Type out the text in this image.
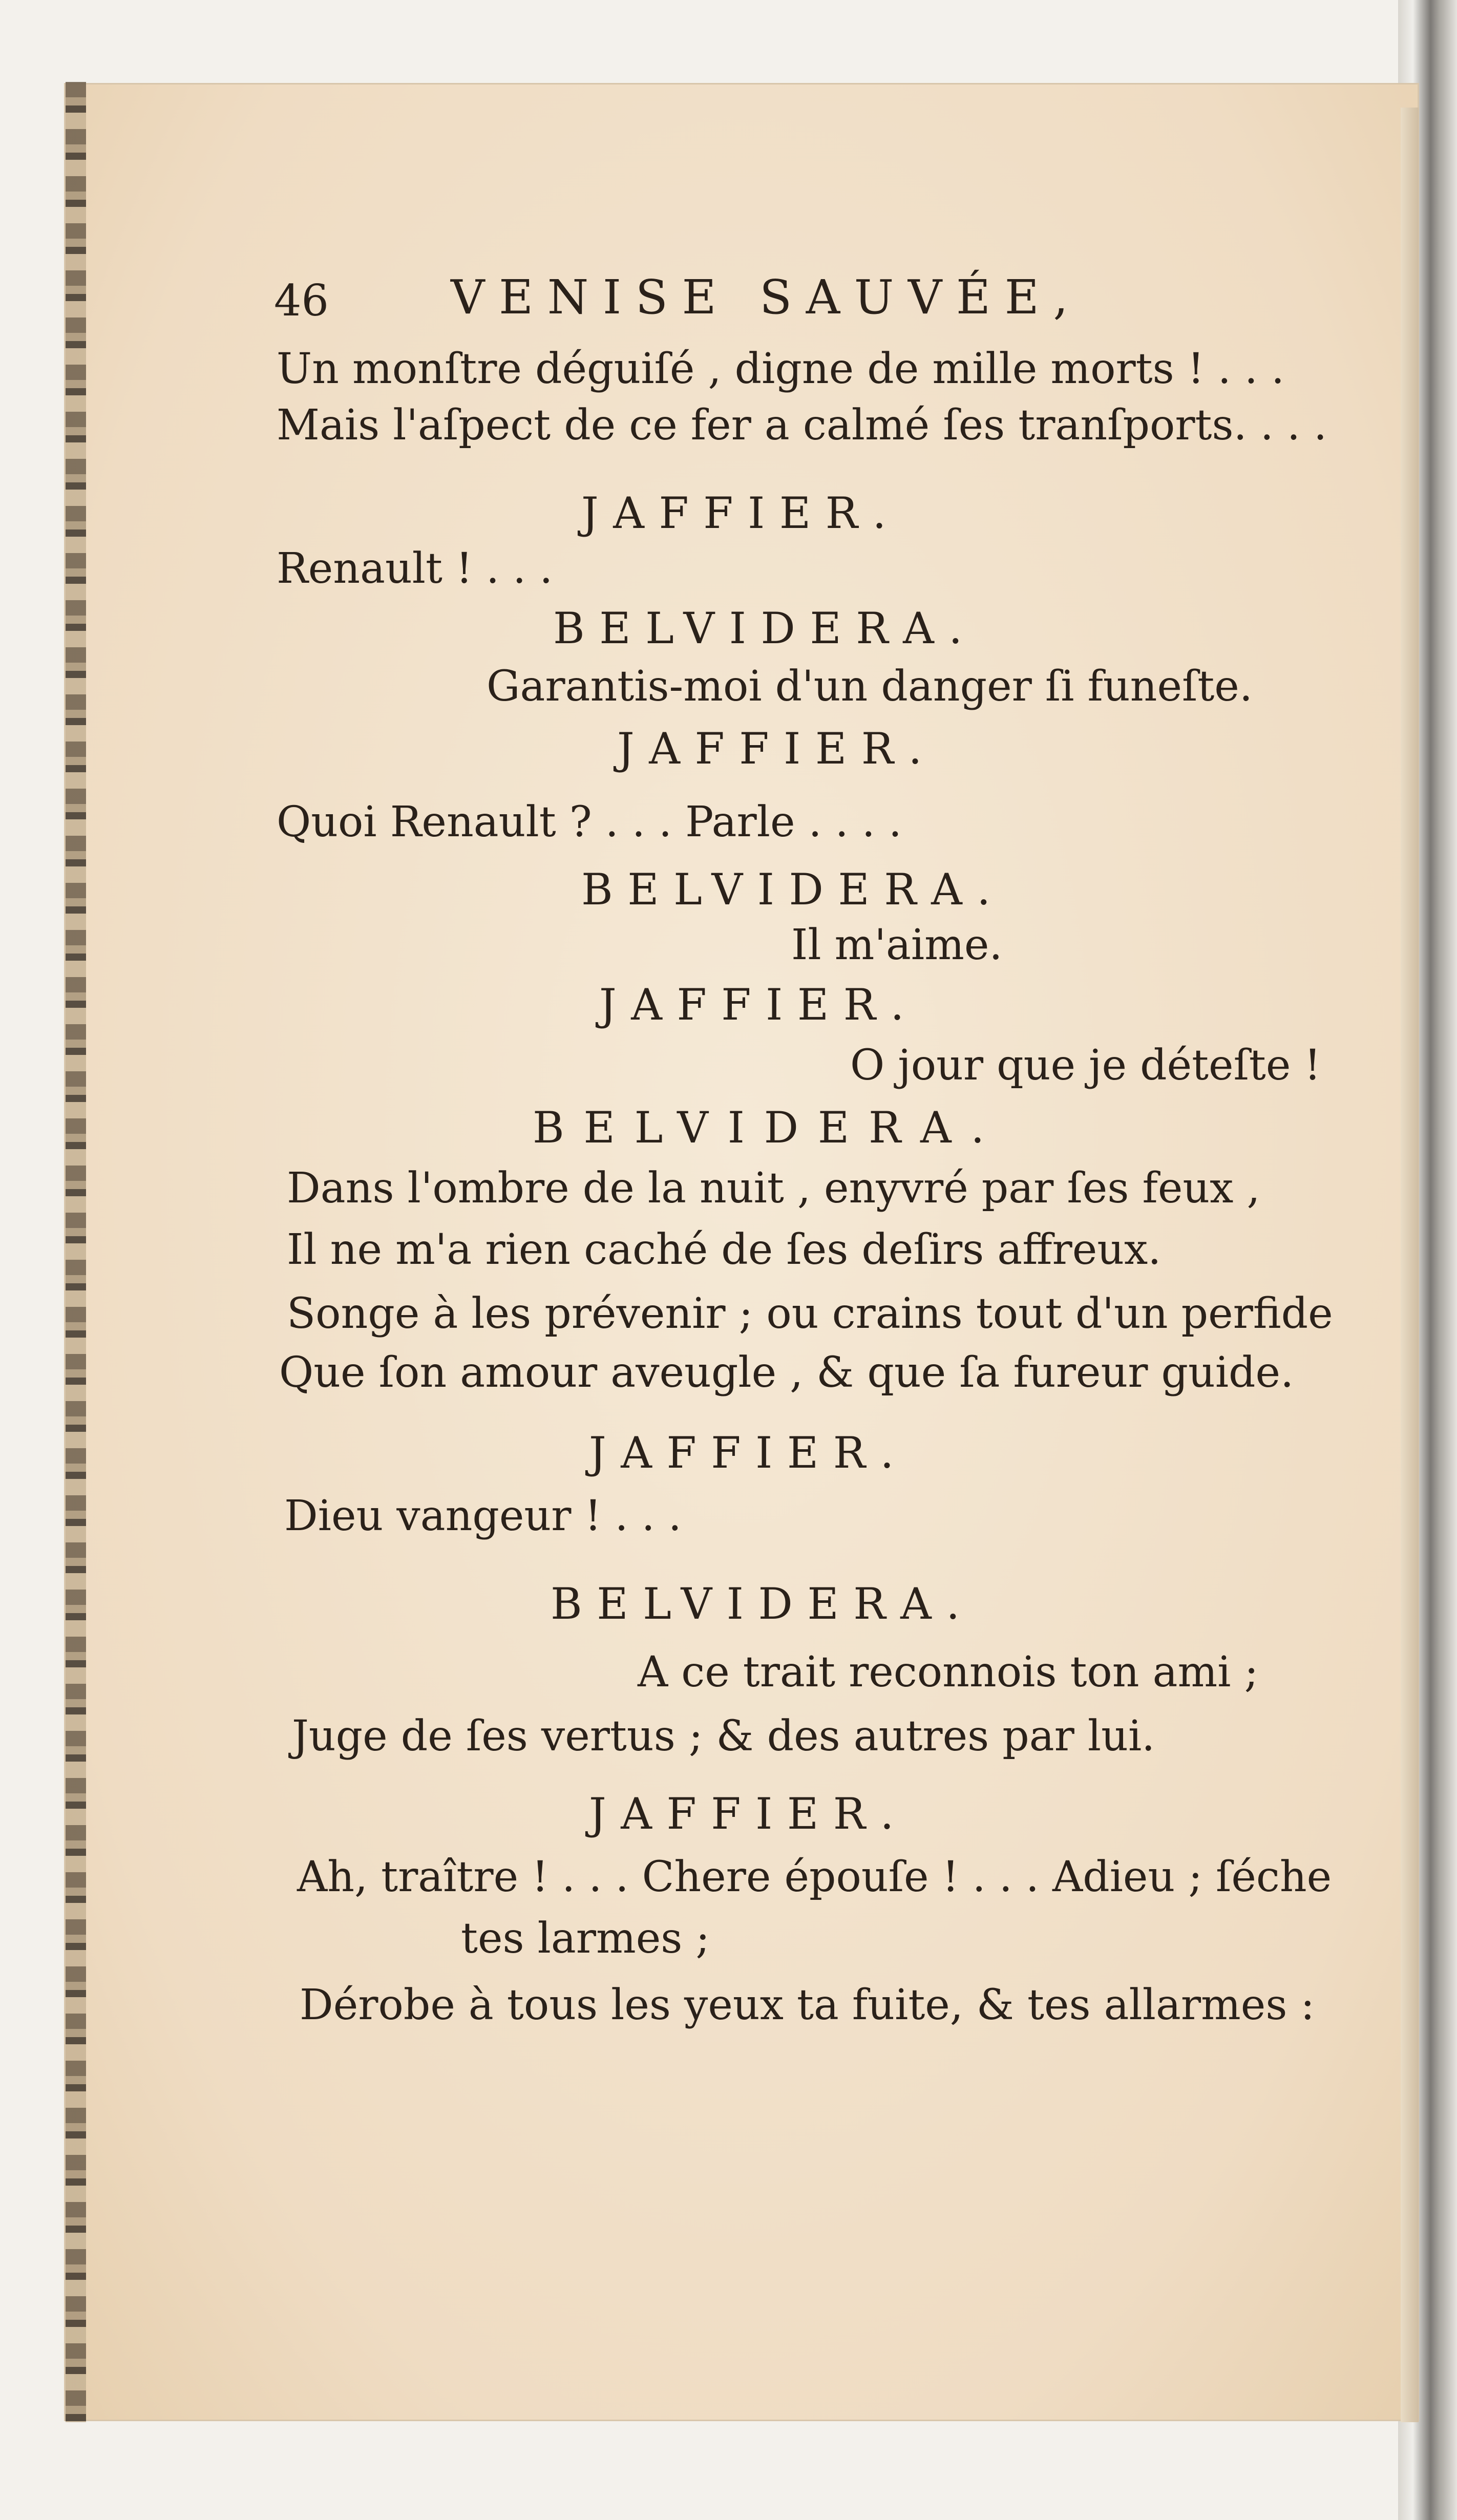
46	VENISE SAUVÉE,
Un monſtre déguiſé , digne de mille morts ! . . .
Mais l'aſpect de ce fer a calmé ſes tranſports. . . .
JAFFIER.
Renault ! . . .
BELVIDERA.
Garantis-moi d'un danger ſi funeſte.
JAFFIER.
Quoi Renault ? . . . Parle . . . .
BELVIDERA.
Il m'aime.
JAFFIER.
O jour que je déteſte !
BELVIDERA.
Dans l'ombre de la nuit , enyvré par ſes feux ,
Il ne m'a rien caché de ſes deſirs affreux.
Songe à les prévenir ; ou crains tout d'un perfide
Que ſon amour aveugle , & que ſa fureur guide.
JAFFIER.
Dieu vangeur ! . . .
BELVIDERA.
A ce trait reconnois ton ami ;
Juge de ſes vertus ; & des autres par lui.
JAFFIER.
Ah, traître ! . . . Chere épouſe ! . . . Adieu ; ſéche
tes larmes ;
Dérobe à tous les yeux ta fuite, & tes allarmes :
